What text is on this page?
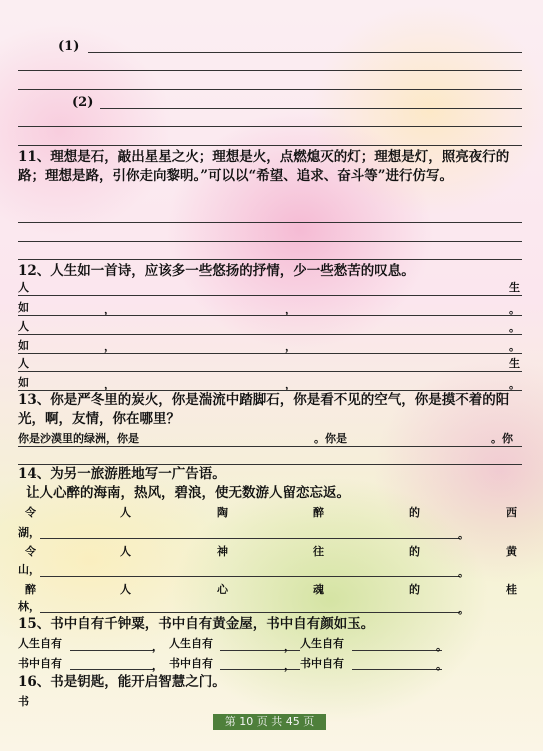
(1)
(2)
11、理想是石，敲出星星之火；理想是火，点燃熄灭的灯；理想是灯，照亮夜行的路；理想是路，引你走向黎明。”可以以“希望、追求、奋斗等”进行仿写。
12、人生如一首诗，应该多一些悠扬的抒情，少一些愁苦的叹息。
人	生
如	，	，	。
人	。
如	，	，	。
人	生
如	，	，	。
13、你是严冬里的炭火，你是湍流中踏脚石，你是看不见的空气，你是摸不着的阳光，啊，友情，你在哪里？
你是沙漠里的绿洲，你是	。你是	。你
14、为另一旅游胜地写一广告语。
让人心醉的海南，热风，碧浪，使无数游人留恋忘返。
令	人	陶	醉	的	西
湖，	。
令	人	神	往	的	黄
山，	。
醉	人	心	魂	的	桂
林，	。
15、书中自有千钟粟，书中自有黄金屋，书中自有颜如玉。
人生自有	， 人生自有	， 人生自有	。
书中自有	， 书中自有	， 书中自有	。
16、书是钥匙，能开启智慧之门。
书
第 10 页 共 45 页
